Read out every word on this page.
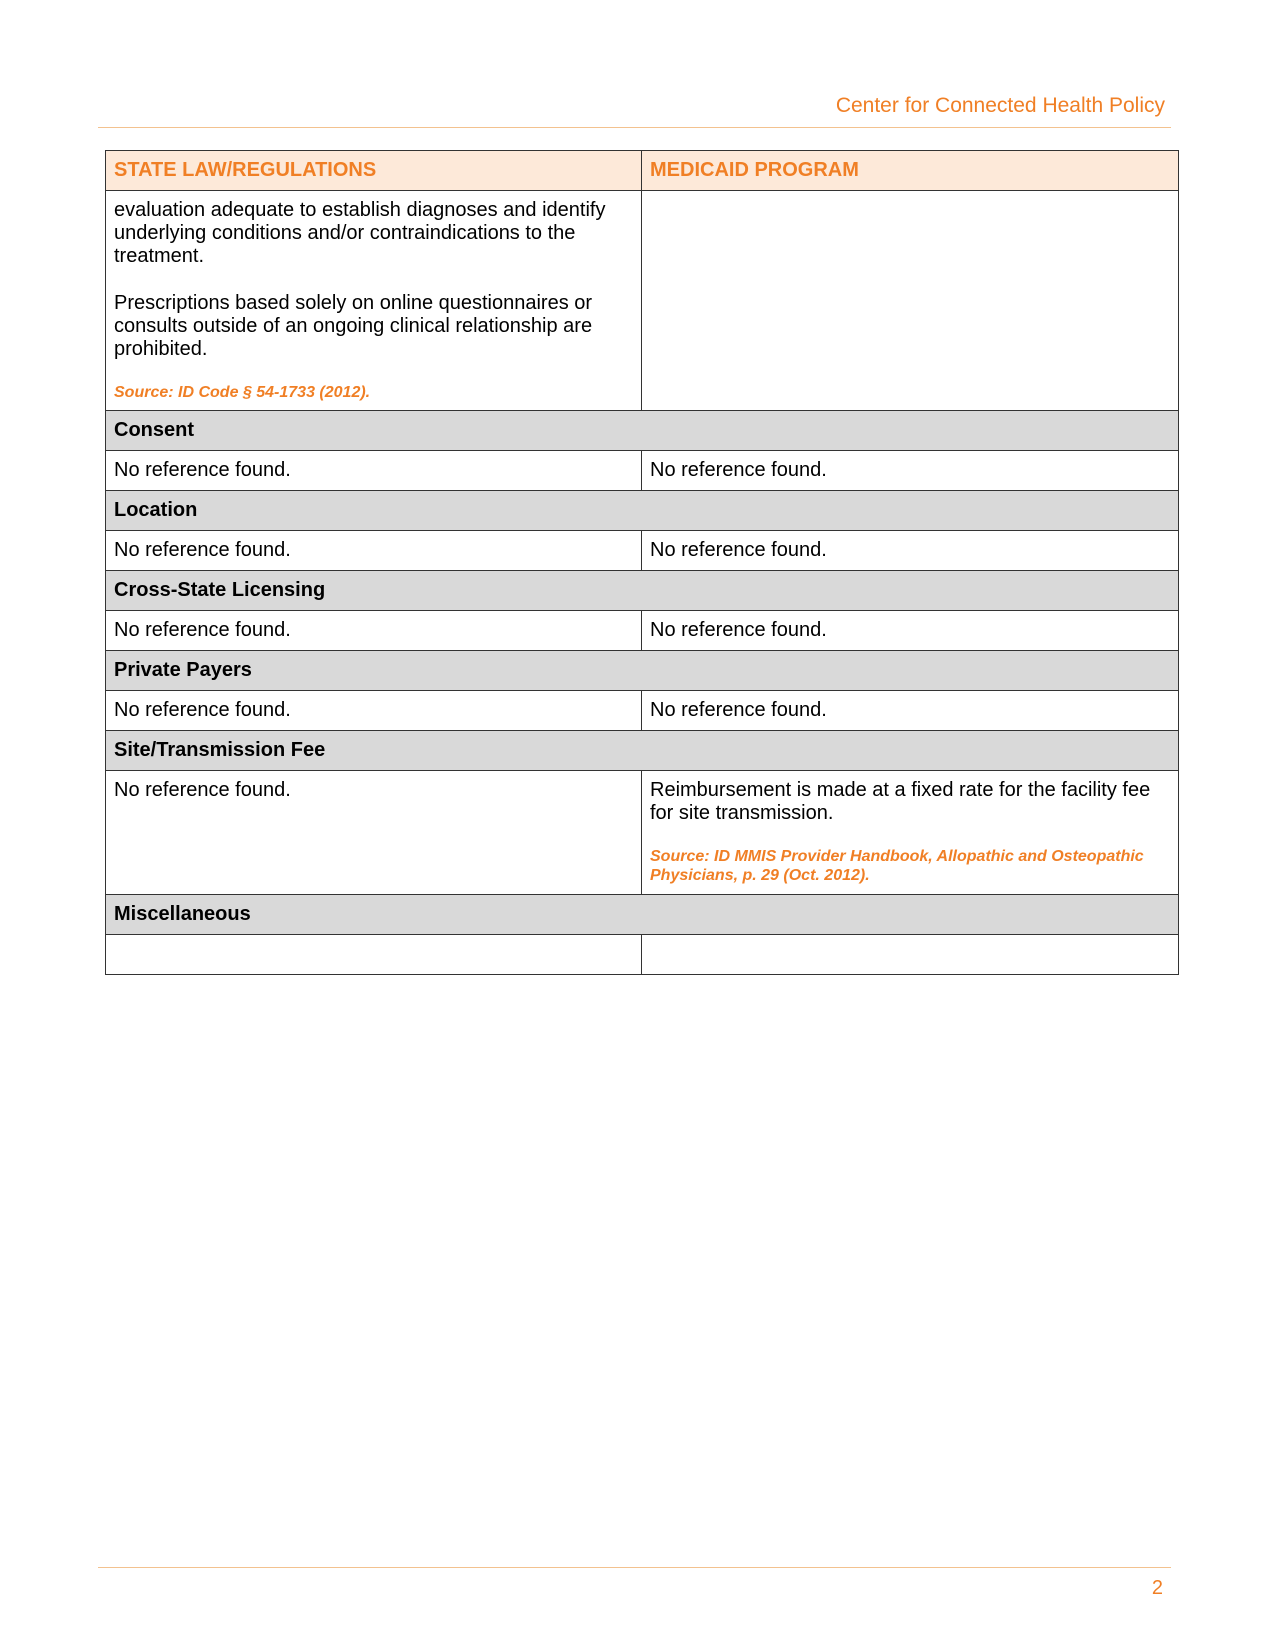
Center for Connected Health Policy
STATE LAW/REGULATIONS	MEDICAID PROGRAM

evaluation adequate to establish diagnoses and identify underlying conditions and/or contraindications to the treatment.

Prescriptions based solely on online questionnaires or consults outside of an ongoing clinical relationship are prohibited.

Source: ID Code § 54-1733 (2012).	

Consent	
No reference found.	No reference found.
Location	
No reference found.	No reference found.
Cross-State Licensing	
No reference found.	No reference found.
Private Payers	
No reference found.	No reference found.
Site/Transmission Fee	
No reference found.	Reimbursement is made at a fixed rate for the facility fee for site transmission.

Source: ID MMIS Provider Handbook, Allopathic and Osteopathic Physicians, p. 29 (Oct. 2012).

Miscellaneous	

2
